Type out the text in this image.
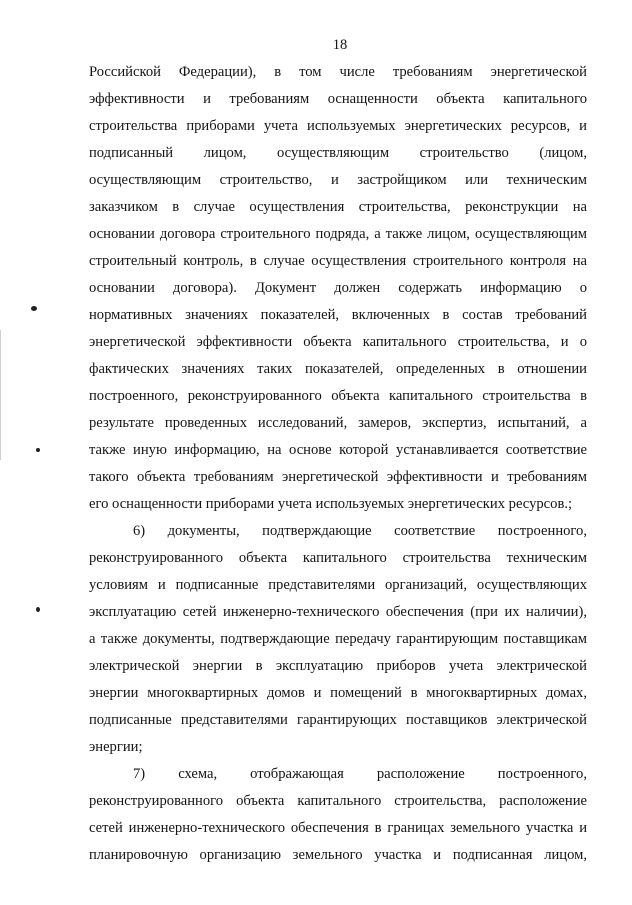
18
Российской Федерации), в том числе требованиям энергетической
эффективности и требованиям оснащенности объекта капитального
строительства приборами учета используемых энергетических ресурсов, и
подписанный лицом, осуществляющим строительство (лицом,
осуществляющим строительство, и застройщиком или техническим
заказчиком в случае осуществления строительства, реконструкции на
основании договора строительного подряда, а также лицом, осуществляющим
строительный контроль, в случае осуществления строительного контроля на
основании договора). Документ должен содержать информацию о
нормативных значениях показателей, включенных в состав требований
энергетической эффективности объекта капитального строительства, и о
фактических значениях таких показателей, определенных в отношении
построенного, реконструированного объекта капитального строительства в
результате проведенных исследований, замеров, экспертиз, испытаний, а
также иную информацию, на основе которой устанавливается соответствие
такого объекта требованиям энергетической эффективности и требованиям
его оснащенности приборами учета используемых энергетических ресурсов.;
6) документы, подтверждающие соответствие построенного,
реконструированного объекта капитального строительства техническим
условиям и подписанные представителями организаций, осуществляющих
эксплуатацию сетей инженерно-технического обеспечения (при их наличии),
а также документы, подтверждающие передачу гарантирующим поставщикам
электрической энергии в эксплуатацию приборов учета электрической
энергии многоквартирных домов и помещений в многоквартирных домах,
подписанные представителями гарантирующих поставщиков электрической
энергии;
7) схема, отображающая расположение построенного,
реконструированного объекта капитального строительства, расположение
сетей инженерно-технического обеспечения в границах земельного участка и
планировочную организацию земельного участка и подписанная лицом,
